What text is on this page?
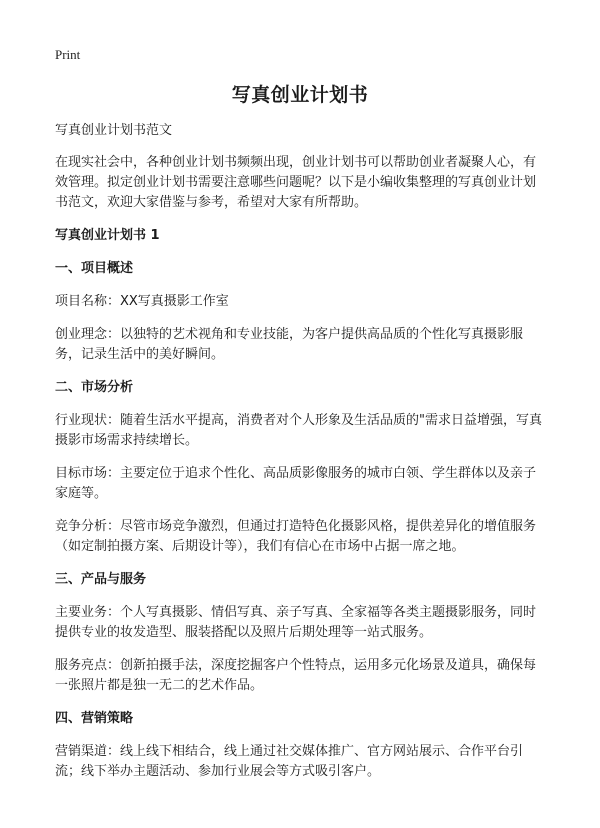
Print
写真创业计划书

写真创业计划书范文

在现实社会中，各种创业计划书频频出现，创业计划书可以帮助创业者凝聚人心，有效管理。拟定创业计划书需要注意哪些问题呢？以下是小编收集整理的写真创业计划书范文，欢迎大家借鉴与参考，希望对大家有所帮助。

写真创业计划书 1
一、项目概述

项目名称：XX写真摄影工作室

创业理念：以独特的艺术视角和专业技能，为客户提供高品质的个性化写真摄影服务，记录生活中的美好瞬间。

二、市场分析

行业现状：随着生活水平提高，消费者对个人形象及生活品质的"需求日益增强，写真摄影市场需求持续增长。

目标市场：主要定位于追求个性化、高品质影像服务的城市白领、学生群体以及亲子家庭等。

竞争分析：尽管市场竞争激烈，但通过打造特色化摄影风格，提供差异化的增值服务（如定制拍摄方案、后期设计等），我们有信心在市场中占据一席之地。

三、产品与服务

主要业务：个人写真摄影、情侣写真、亲子写真、全家福等各类主题摄影服务，同时提供专业的妆发造型、服装搭配以及照片后期处理等一站式服务。

服务亮点：创新拍摄手法，深度挖掘客户个性特点，运用多元化场景及道具，确保每一张照片都是独一无二的艺术作品。

四、营销策略

营销渠道：线上线下相结合，线上通过社交媒体推广、官方网站展示、合作平台引流；线下举办主题活动、参加行业展会等方式吸引客户。
